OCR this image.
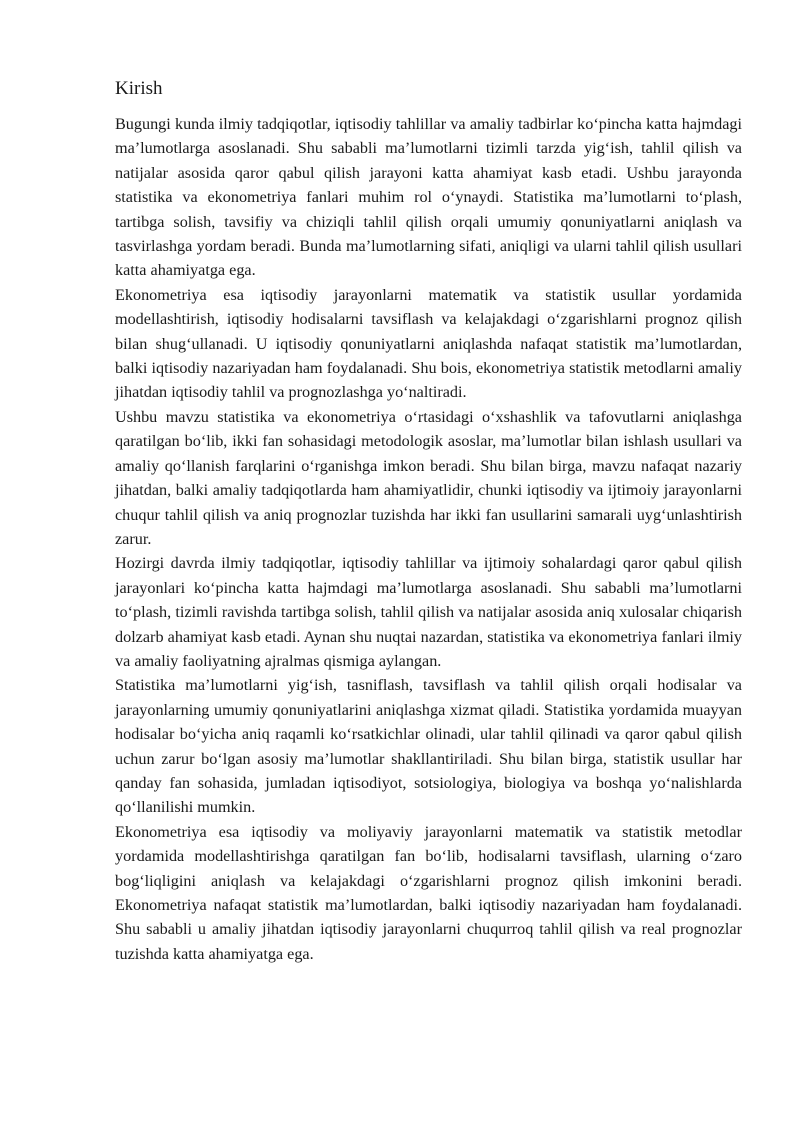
Kirish

Bugungi kunda ilmiy tadqiqotlar, iqtisodiy tahlillar va amaliy tadbirlar ko‘pincha katta hajmdagi ma’lumotlarga asoslanadi. Shu sababli ma’lumotlarni tizimli tarzda yig‘ish, tahlil qilish va natijalar asosida qaror qabul qilish jarayoni katta ahamiyat kasb etadi. Ushbu jarayonda statistika va ekonometriya fanlari muhim rol o‘ynaydi. Statistika ma’lumotlarni to‘plash, tartibga solish, tavsifiy va chiziqli tahlil qilish orqali umumiy qonuniyatlarni aniqlash va tasvirlashga yordam beradi. Bunda ma’lumotlarning sifati, aniqligi va ularni tahlil qilish usullari katta ahamiyatga ega.

Ekonometriya esa iqtisodiy jarayonlarni matematik va statistik usullar yordamida modellashtirish, iqtisodiy hodisalarni tavsiflash va kelajakdagi o‘zgarishlarni prognoz qilish bilan shug‘ullanadi. U iqtisodiy qonuniyatlarni aniqlashda nafaqat statistik ma’lumotlardan, balki iqtisodiy nazariyadan ham foydalanadi. Shu bois, ekonometriya statistik metodlarni amaliy jihatdan iqtisodiy tahlil va prognozlashga yo‘naltiradi.

Ushbu mavzu statistika va ekonometriya o‘rtasidagi o‘xshashlik va tafovutlarni aniqlashga qaratilgan bo‘lib, ikki fan sohasidagi metodologik asoslar, ma’lumotlar bilan ishlash usullari va amaliy qo‘llanish farqlarini o‘rganishga imkon beradi. Shu bilan birga, mavzu nafaqat nazariy jihatdan, balki amaliy tadqiqotlarda ham ahamiyatlidir, chunki iqtisodiy va ijtimoiy jarayonlarni chuqur tahlil qilish va aniq prognozlar tuzishda har ikki fan usullarini samarali uyg‘unlashtirish zarur.

Hozirgi davrda ilmiy tadqiqotlar, iqtisodiy tahlillar va ijtimoiy sohalardagi qaror qabul qilish jarayonlari ko‘pincha katta hajmdagi ma’lumotlarga asoslanadi. Shu sababli ma’lumotlarni to‘plash, tizimli ravishda tartibga solish, tahlil qilish va natijalar asosida aniq xulosalar chiqarish dolzarb ahamiyat kasb etadi. Aynan shu nuqtai nazardan, statistika va ekonometriya fanlari ilmiy va amaliy faoliyatning ajralmas qismiga aylangan.

Statistika ma’lumotlarni yig‘ish, tasniflash, tavsiflash va tahlil qilish orqali hodisalar va jarayonlarning umumiy qonuniyatlarini aniqlashga xizmat qiladi. Statistika yordamida muayyan hodisalar bo‘yicha aniq raqamli ko‘rsatkichlar olinadi, ular tahlil qilinadi va qaror qabul qilish uchun zarur bo‘lgan asosiy ma’lumotlar shakllantiriladi. Shu bilan birga, statistik usullar har qanday fan sohasida, jumladan iqtisodiyot, sotsiologiya, biologiya va boshqa yo‘nalishlarda qo‘llanilishi mumkin.

Ekonometriya esa iqtisodiy va moliyaviy jarayonlarni matematik va statistik metodlar yordamida modellashtirishga qaratilgan fan bo‘lib, hodisalarni tavsiflash, ularning o‘zaro bog‘liqligini aniqlash va kelajakdagi o‘zgarishlarni prognoz qilish imkonini beradi. Ekonometriya nafaqat statistik ma’lumotlardan, balki iqtisodiy nazariyadan ham foydalanadi. Shu sababli u amaliy jihatdan iqtisodiy jarayonlarni chuqurroq tahlil qilish va real prognozlar tuzishda katta ahamiyatga ega.
